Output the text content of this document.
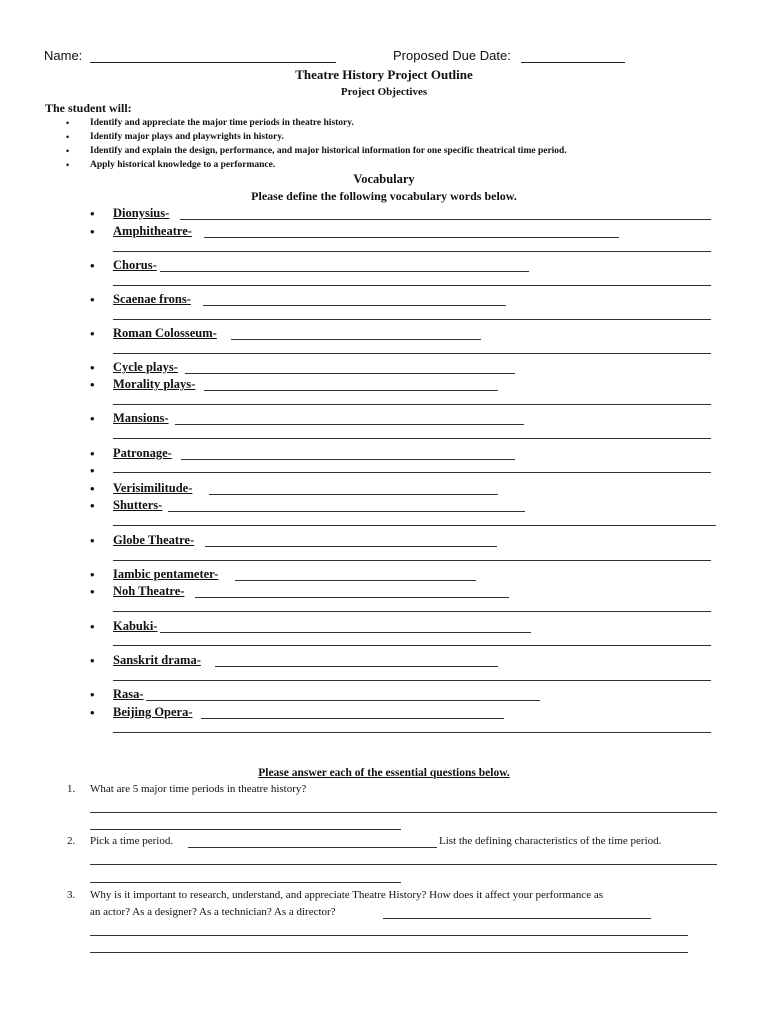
Name:	Proposed Due Date:
Theatre History Project Outline
Project Objectives
The student will:
• Identify and appreciate the major time periods in theatre history.
• Identify major plays and playwrights in history.
• Identify and explain the design, performance, and major historical information for one specific theatrical time period.
• Apply historical knowledge to a performance.
Vocabulary
Please define the following vocabulary words below.
• Dionysius-
• Amphitheatre-
• Chorus-
• Scaenae frons-
• Roman Colosseum-
• Cycle plays-
• Morality plays-
• Mansions-
• Patronage-
•
• Verisimilitude-
• Shutters-
• Globe Theatre-
• Iambic pentameter-
• Noh Theatre-
• Kabuki-
• Sanskrit drama-
• Rasa-
• Beijing Opera-
Please answer each of the essential questions below.
1. What are 5 major time periods in theatre history?
2. Pick a time period.	List the defining characteristics of the time period.
3. Why is it important to research, understand, and appreciate Theatre History? How does it affect your performance as
an actor? As a designer? As a technician? As a director?
